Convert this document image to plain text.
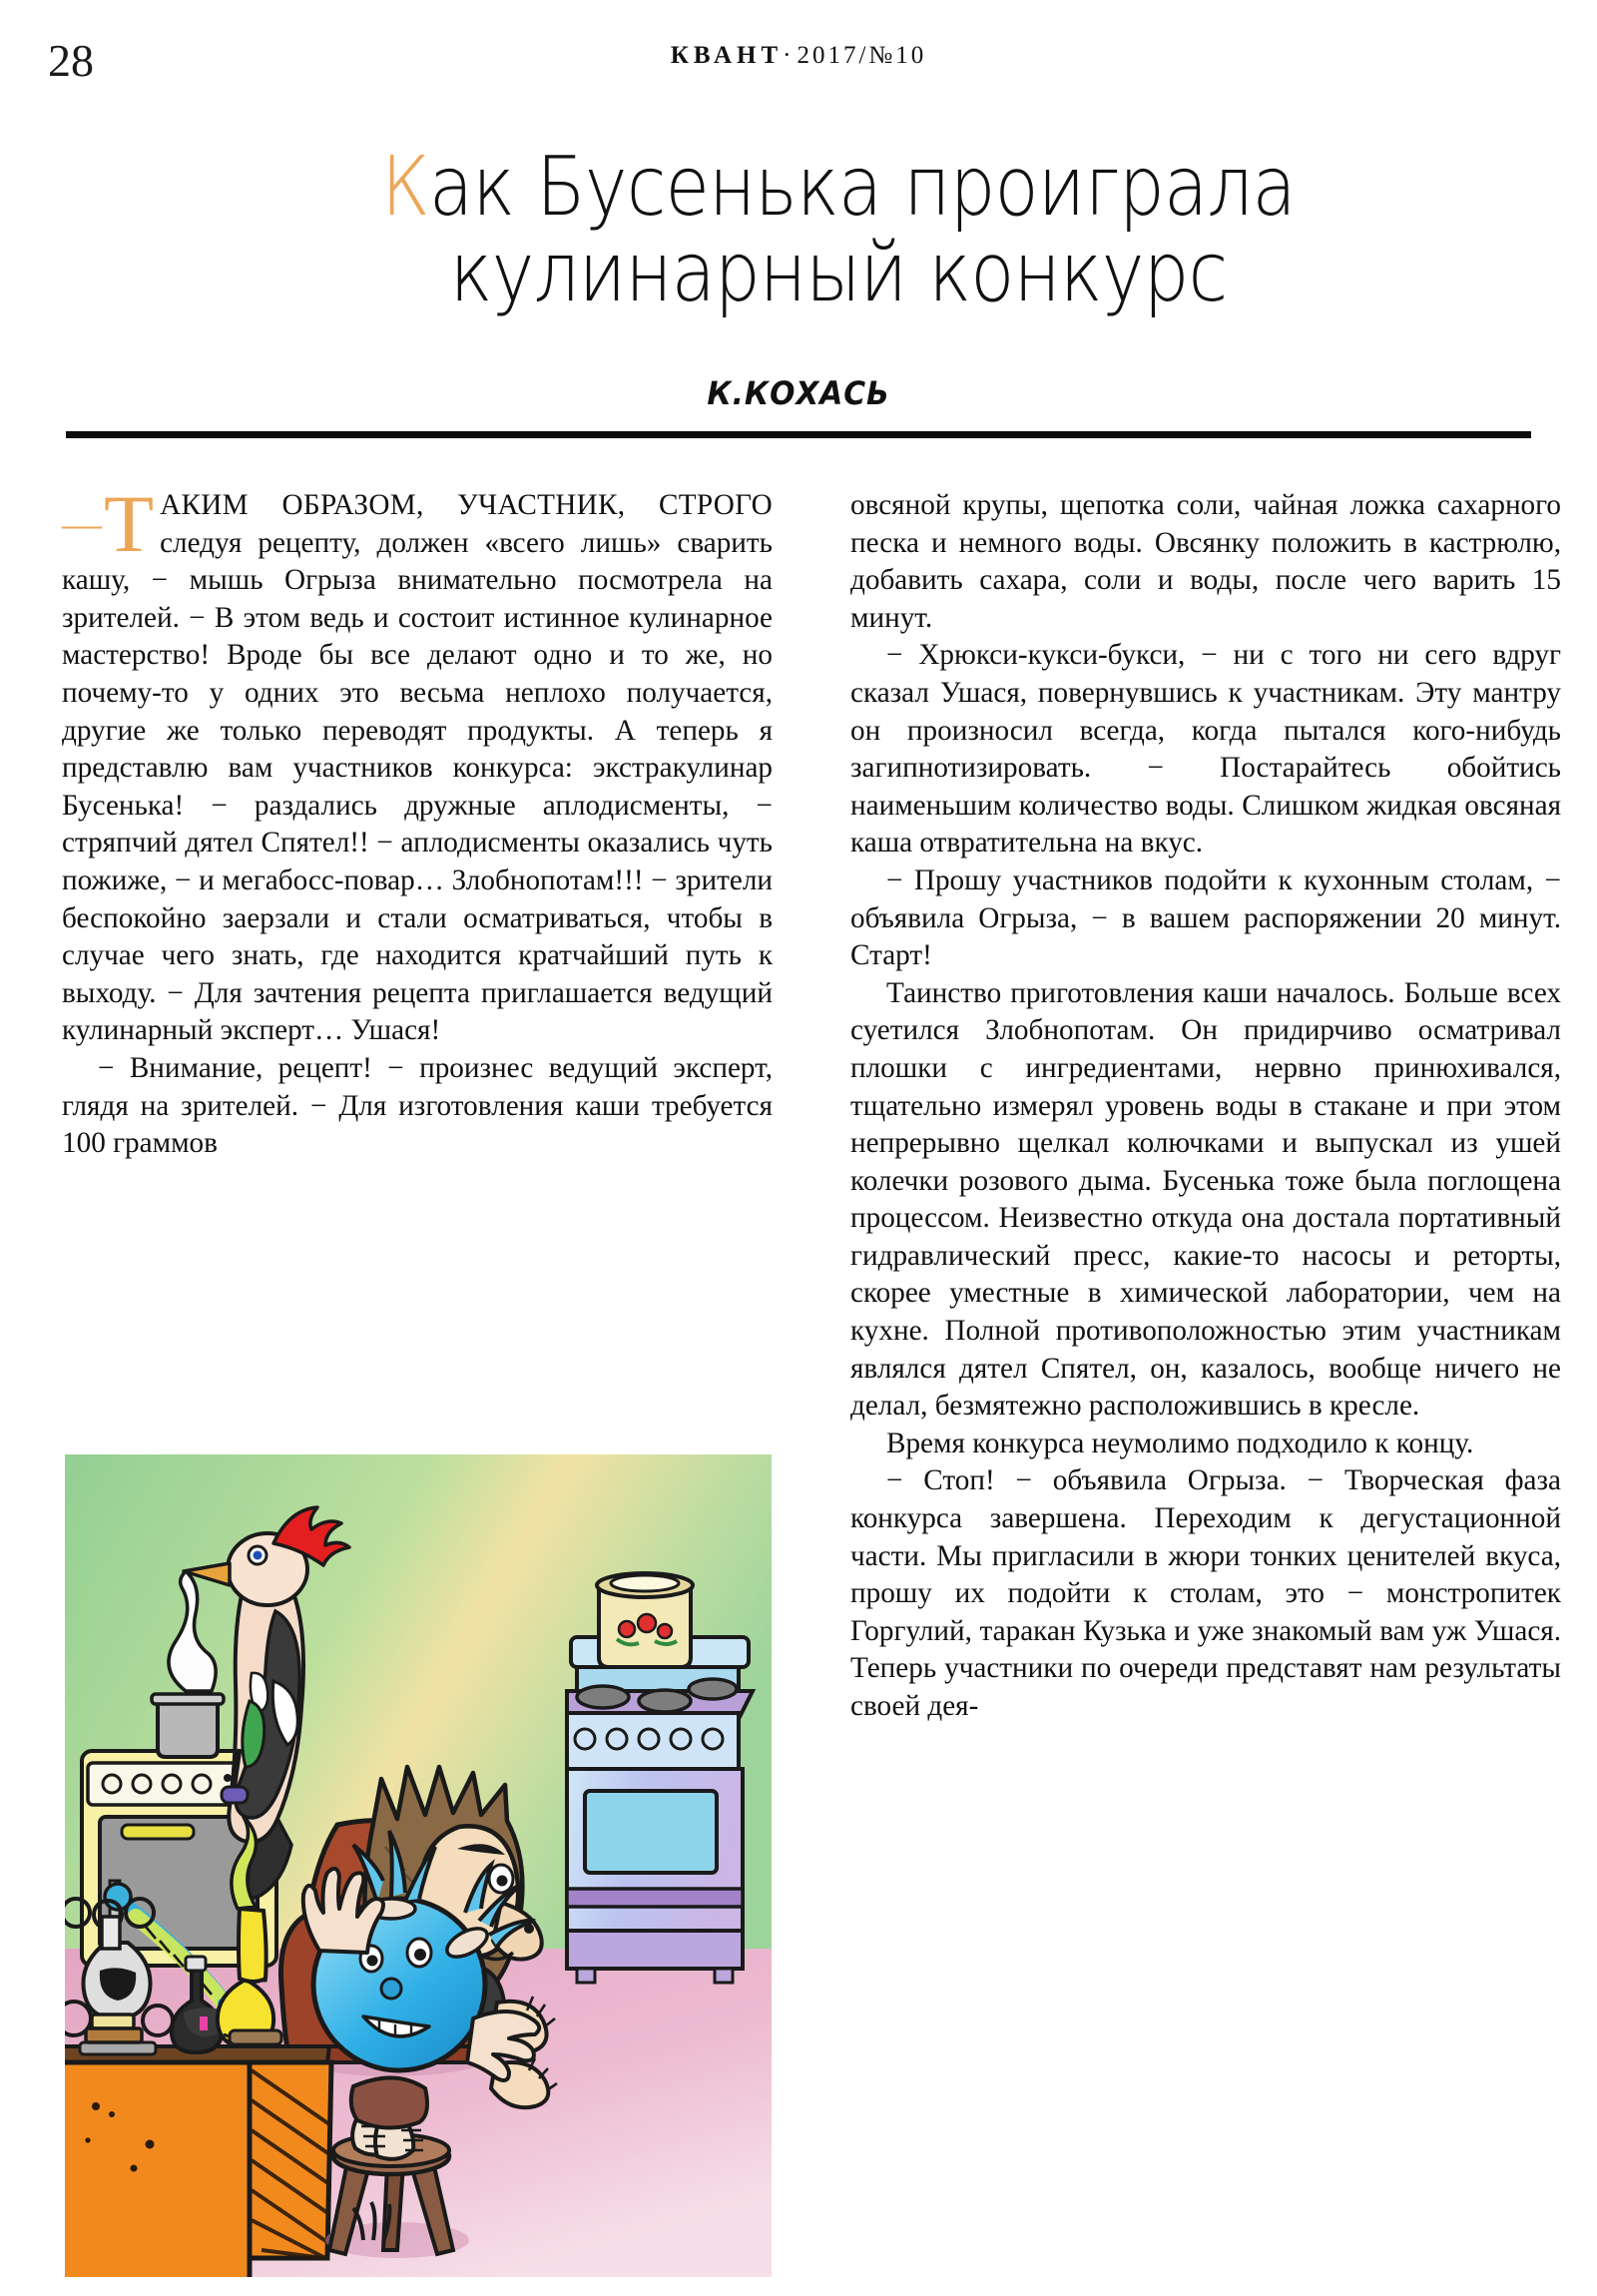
28	КВАНТ·2017/№10
Как Бусенька проиграла
кулинарный конкурс
К.КОХАСЬ
— Т АКИМ ОБРАЗОМ, УЧАСТНИК, СТРОГО следуя рецепту, должен «всего лишь» сварить кашу, − мышь Огрыза внимательно посмотрела на зрителей. − В этом ведь и состоит истинное кулинарное мастерство! Вроде бы все делают одно и то же, но почему-то у одних это весьма неплохо получается, другие же только переводят продукты. А теперь я представлю вам участников конкурса: экстракулинар Бусенька! − раздались дружные аплодисменты, − стряпчий дятел Спятел!! − аплодисменты оказались чуть пожиже, − и мегабосс-повар… Злобнопотам!!! − зрители беспокойно заерзали и стали осматриваться, чтобы в случае чего знать, где находится кратчайший путь к выходу. − Для зачтения рецепта приглашается ведущий кулинарный эксперт… Ушася!

− Внимание, рецепт! − произнес ведущий эксперт, глядя на зрителей. − Для изготовления каши требуется 100 граммов

овсяной крупы, щепотка соли, чайная ложка сахарного песка и немного воды. Овсянку положить в кастрюлю, добавить сахара, соли и воды, после чего варить 15 минут.

− Хрюкси-кукси-букси, − ни с того ни сего вдруг сказал Ушася, повернувшись к участникам. Эту мантру он произносил всегда, когда пытался кого-нибудь загипнотизировать. − Постарайтесь обойтись наименьшим количество воды. Слишком жидкая овсяная каша отвратительна на вкус.

− Прошу участников подойти к кухонным столам, − объявила Огрыза, − в вашем распоряжении 20 минут. Старт!

Таинство приготовления каши началось. Больше всех суетился Злобнопотам. Он придирчиво осматривал плошки с ингредиентами, нервно принюхивался, тщательно измерял уровень воды в стакане и при этом непрерывно щелкал колючками и выпускал из ушей колечки розового дыма. Бусенька тоже была поглощена процессом. Неизвестно откуда она достала портативный гидравлический пресс, какие-то насосы и реторты, скорее уместные в химической лаборатории, чем на кухне. Полной противоположностью этим участникам являлся дятел Спятел, он, казалось, вообще ничего не делал, безмятежно расположившись в кресле.

Время конкурса неумолимо подходило к концу.

− Стоп! − объявила Огрыза. − Творческая фаза конкурса завершена. Переходим к дегустационной части. Мы пригласили в жюри тонких ценителей вкуса, прошу их подойти к столам, это − монстропитек Горгулий, таракан Кузька и уже знакомый вам уж Ушася. Теперь участники по очереди представят нам результаты своей дея-
